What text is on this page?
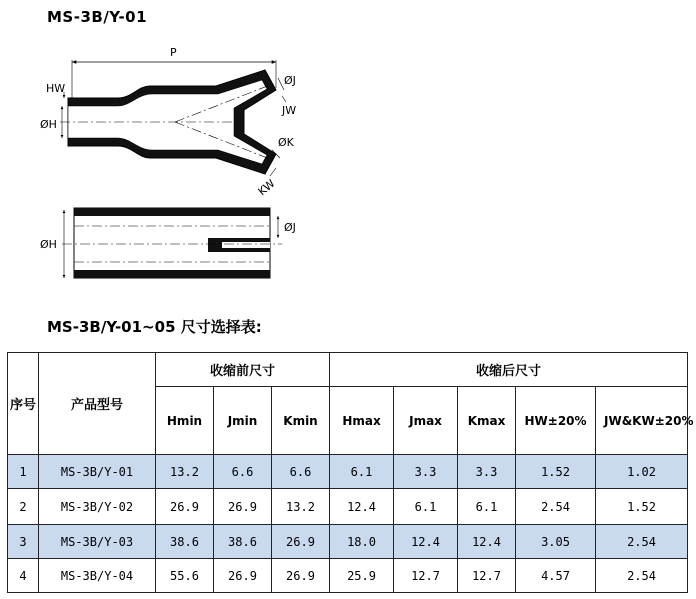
MS-3B/Y-01
P
HW
ØH
ØJ
JW
ØK
KW
ØH
ØJ
MS-3B/Y-01~05 尺寸选择表:
序号	产品型号	收缩前尺寸			收缩后尺寸				
		Hmin	Jmin	Kmin	Hmax	Jmax	Kmax	HW±20%	JW&KW±20%
1	MS-3B/Y-01	13.2	6.6	6.6	6.1	3.3	3.3	1.52	1.02
2	MS-3B/Y-02	26.9	26.9	13.2	12.4	6.1	6.1	2.54	1.52
3	MS-3B/Y-03	38.6	38.6	26.9	18.0	12.4	12.4	3.05	2.54
4	MS-3B/Y-04	55.6	26.9	26.9	25.9	12.7	12.7	4.57	2.54
